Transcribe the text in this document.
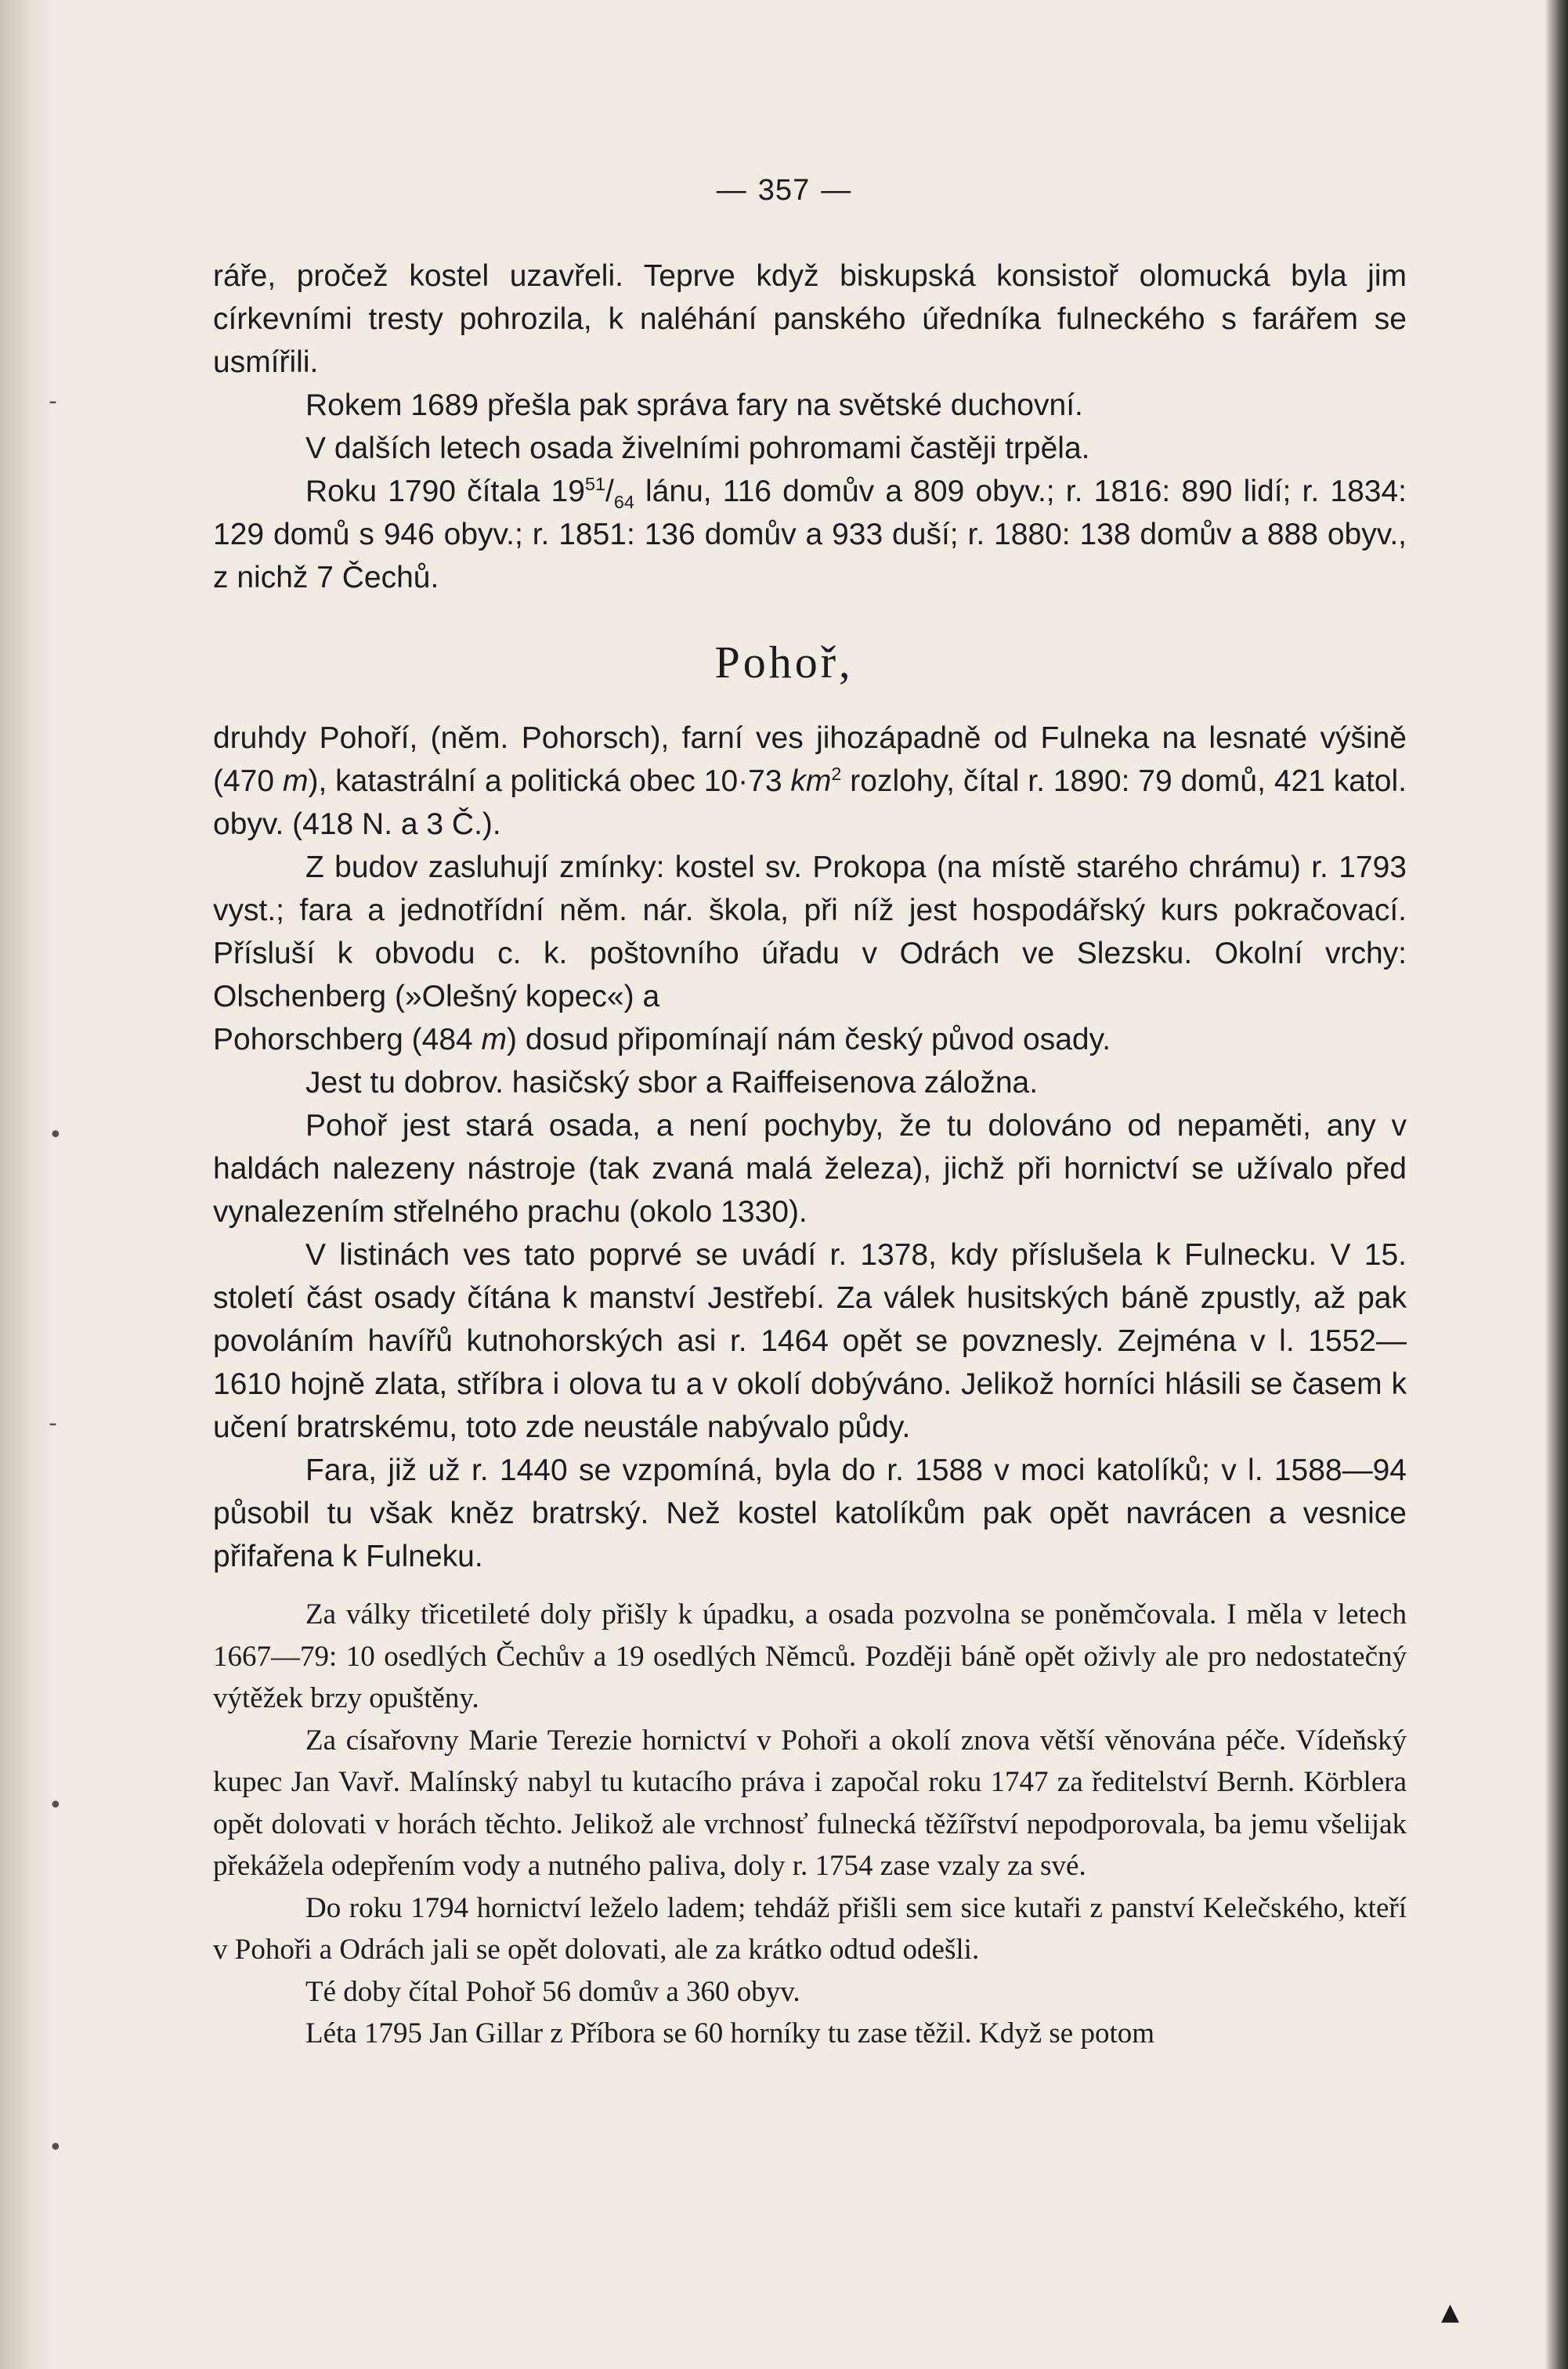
-
•
-
•
•
▲
— 357 —

ráře, pročež kostel uzavřeli. Teprve když biskupská konsistoř olomucká byla jim církevními tresty pohrozila, k naléhání panského úředníka fulneckého s farářem se usmířili.

Rokem 1689 přešla pak správa fary na světské duchovní.

V dalších letech osada živelními pohromami častěji trpěla.

Roku 1790 čítala $19^{51}/_{64}$ lánu, 116 domův a 809 obyv.; r. 1816: 890 lidí; r. 1834: 129 domů s 946 obyv.; r. 1851: 136 domův a 933 duší; r. 1880: 138 domův a 888 obyv., z nichž 7 Čechů.

Pohoř,

druhdy Pohoří, (něm. Pohorsch), farní ves jihozápadně od Fulneka na lesnaté výšině (470 m), katastrální a politická obec 10·73 $km^2$ rozlohy, čítal r. 1890: 79 domů, 421 katol. obyv. (418 N. a 3 Č.).

Z budov zasluhují zmínky: kostel sv. Prokopa (na místě starého chrámu) r. 1793 vyst.; fara a jednotřídní něm. nár. škola, při níž jest hospodářský kurs pokračovací. Přísluší k obvodu c. k. poštovního úřadu v Odrách ve Slezsku. Okolní vrchy: Olschenberg (»Olešný kopec«) a

Pohorschberg (484 m) dosud připomínají nám český původ osady.

Jest tu dobrov. hasičský sbor a Raiffeisenova záložna.

Pohoř jest stará osada, a není pochyby, že tu dolováno od nepaměti, any v haldách nalezeny nástroje (tak zvaná malá železa), jichž při hornictví se užívalo před vynalezením střelného prachu (okolo 1330).

V listinách ves tato poprvé se uvádí r. 1378, kdy příslušela k Fulnecku. V 15. století část osady čítána k manství Jestřebí. Za válek husitských báně zpustly, až pak povoláním havířů kutnohorských asi r. 1464 opět se povznesly. Zejména v l. 1552—1610 hojně zlata, stříbra i olova tu a v okolí dobýváno. Jelikož horníci hlásili se časem k učení bratrskému, toto zde neustále nabývalo půdy.

Fara, již už r. 1440 se vzpomíná, byla do r. 1588 v moci katolíků; v l. 1588—94 působil tu však kněz bratrský. Než kostel katolíkům pak opět navrácen a vesnice přifařena k Fulneku.

Za války třicetileté doly přišly k úpadku, a osada pozvolna se poněmčovala. I měla v letech 1667—79: 10 osedlých Čechův a 19 osedlých Němců. Později báně opět oživly ale pro nedostatečný výtěžek brzy opuštěny.

Za císařovny Marie Terezie hornictví v Pohoři a okolí znova větší věnována péče. Vídeňský kupec Jan Vavř. Malínský nabyl tu kutacího práva i započal roku 1747 za ředitelství Bernh. Körblera opět dolovati v horách těchto. Jelikož ale vrchnosť fulnecká těžířství nepodporovala, ba jemu všelijak překážela odepřením vody a nutného paliva, doly r. 1754 zase vzaly za své.

Do roku 1794 hornictví leželo ladem; tehdáž přišli sem sice kutaři z panství Kelečského, kteří v Pohoři a Odrách jali se opět dolovati, ale za krátko odtud odešli.

Té doby čítal Pohoř 56 domův a 360 obyv.

Léta 1795 Jan Gillar z Příbora se 60 horníky tu zase těžil. Když se potom
